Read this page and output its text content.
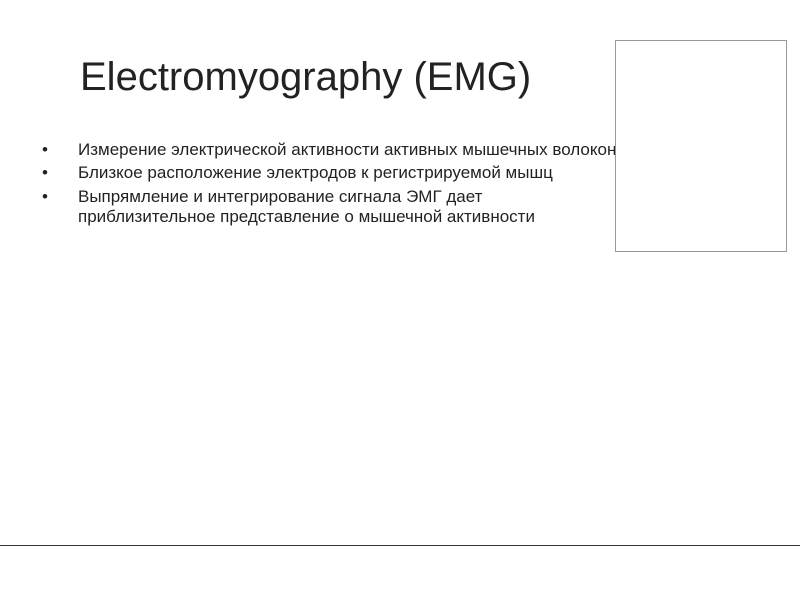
Electromyography (EMG)
• Измерение электрической активности активных мышечных волокон
• Близкое расположение электродов к регистрируемой мышц
• Выпрямление и интегрирование сигнала ЭМГ дает приблизительное представление о мышечной активности
